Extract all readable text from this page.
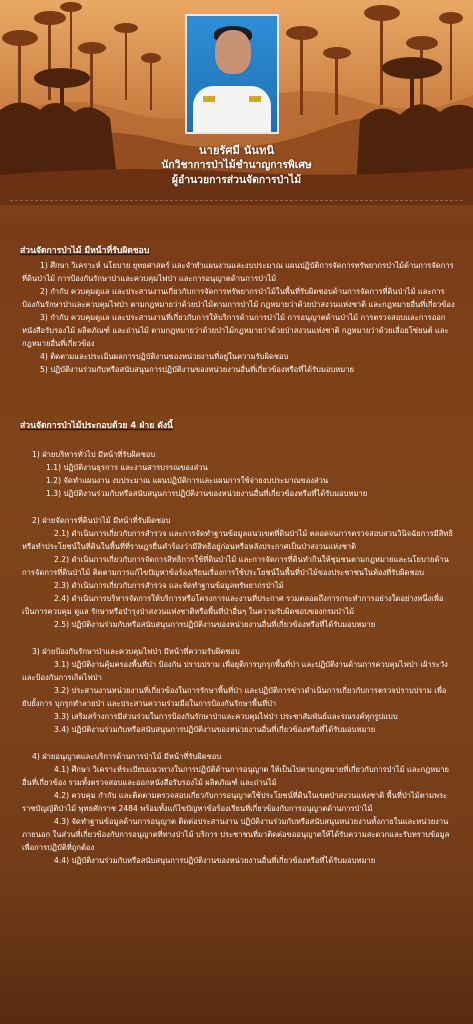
นายรัศมี นันทนิ
นักวิชาการป่าไม้ชำนาญการพิเศษ
ผู้อำนวยการส่วนจัดการป่าไม้
ส่วนจัดการป่าไม้ มีหน้าที่รับผิดชอบ

1) ศึกษา วิเคราะห์ นโยบาย ยุทธศาสตร์ และจำทำแผนงานและงบประมาณ แผนปฏิบัติการจัดการทรัพยากรป่าไม้ด้านการจัดการที่ดินป่าไม้ การป้องกันรักษาป่าและควบคุมไฟป่า และการอนุญาตด้านการป่าไม้

2) กำกับ ควบคุมดูแล และประสานงานเกี่ยวกับการจัดการทรัพยากรป่าไม้ในพื้นที่รับผิดชอบด้านการจัดการที่ดินป่าไม้ และการป้องกันรักษาป่าและควบคุมไฟป่า ตามกฎหมายว่าด้วยป่าไม้ตามการป่าไม้ กฎหมายว่าด้วยป่าสงวนแห่งชาติ และกฎหมายอื่นที่เกี่ยวข้อง

3) กำกับ ควบคุมดูแล และประสานงานที่เกี่ยวกับการให้บริการด้านการป่าไม้ การอนุญาตด้านป่าไม้ การตรวจสอบและการออกหนังสือรับรองไม้ ผลิตภัณฑ์ และถ่านไม้ ตามกฎหมายว่าด้วยป่าไม้กฎหมายว่าด้วยป่าสงวนแห่งชาติ กฎหมายว่าด้วยเลื่อยโซ่ยนต์ และกฎหมายอื่นที่เกี่ยวข้อง

4) ติดตามและประเมินผลการปฏิบัติงานของหน่วยงานที่อยู่ในความรับผิดชอบ

5) ปฏิบัติงานร่วมกับหรือสนับสนุนการปฏิบัติงานของหน่วยงานอื่นที่เกี่ยวข้องหรือที่ได้รับมอบหมาย

ส่วนจัดการป่าไม้ประกอบด้วย 4 ฝ่าย ดังนี้

1) ฝ่ายบริหารทั่วไป มีหน้าที่รับผิดชอบ

1.1) ปฏิบัติงานธุรการ และงานสารบรรณของส่วน

1.2) จัดทำแผนงาน งบประมาณ แผนปฏิบัติการและแผนการใช้จ่ายงบประมาณของส่วน

1.3) ปฏิบัติงานร่วมกับหรือสนับสนุนการปฏิบัติงานของหน่วยงานอื่นที่เกี่ยวข้องหรือที่ได้รับมอบหมาย

2) ฝ่ายจัดการที่ดินป่าไม้ มีหน้าที่รับผิดชอบ

2.1) ดำเนินการเกี่ยวกับการสำรวจ และการจัดทำฐานข้อมูลแนวเขตที่ดินป่าไม้ ตลอดจนการตรวจสอบสวนวินิจฉัยการมีสิทธิหรือทำประโยชน์ในที่ดินในพื้นที่ที่ราษฎรยื่นคำร้องว่ามีสิทธิอยู่ก่อนหรือหลังประกาศเป็นป่าสงวนแห่งชาติ

2.2) ดำเนินการเกี่ยวกับการจัดการสิทธิการใช้ที่ดินป่าไม้ และการจัดการที่ดินทำกินให้ชุมชนตามกฎหมายและนโยบายด้านการจัดการที่ดินป่าไม้ ติดตามการแก้ไขปัญหาข้อร้องเรียนเรื่องการใช้ประโยชน์ในพื้นที่ป่าไม้ของประชาชนในท้องที่รับผิดชอบ

2.3) ดำเนินการเกี่ยวกับการสำรวจ และจัดทำฐานข้อมูลทรัพยากรป่าไม้

2.4) ดำเนินการบริหารจัดการให้บริการหรือโครงการและงานที่ประกาศ รวมตลอดถึงการกระทำการอย่างใดอย่างหนึ่งเพื่อเป็นการควบคุม ดูแล รักษาหรือบำรุงป่าสงวนแห่งชาติหรือพื้นที่ป่าอื่นๆ ในความรับผิดชอบของกรมป่าไม้

2.5) ปฏิบัติงานร่วมกับหรือสนับสนุนการปฏิบัติงานของหน่วยงานอื่นที่เกี่ยวข้องหรือที่ได้รับมอบหมาย

3) ฝ่ายป้องกันรักษาป่าและควบคุมไฟป่า มีหน้าที่ความรับผิดชอบ

3.1) ปฏิบัติงานคุ้มครองพื้นที่ป่า ป้องกัน ปราบปราม เพื่อยุติการบุกรุกพื้นที่ป่า และปฏิบัติงานด้านการควบคุมไฟป่า เฝ้าระวังและป้องกันการเกิดไฟป่า

3.2) ประสานงานหน่วยงานที่เกี่ยวข้องในการรักษาพื้นที่ป่า และปฏิบัติการข่าวดำเนินการเกี่ยวกับการตรวจปราบปราม เพื่อยับยั้งการ บุกรุกทำลายป่า และประสานความร่วมมือในการป้องกันรักษาพื้นที่ป่า

3.3) เสริมสร้างการมีส่วนร่วมในการป้องกันรักษาป่าและควบคุมไฟป่า ประชาสัมพันธ์และรณรงค์ทุกรูปแบบ

3.4) ปฏิบัติงานร่วมกับหรือสนับสนุนการปฏิบัติงานของหน่วยงานอื่นที่เกี่ยวข้องหรือที่ได้รับมอบหมาย

4) ฝ่ายอนุญาตและบริการด้านการป่าไม้ มีหน้าที่รับผิดชอบ

4.1) ศึกษา วิเคราะห์ระเบียบแนวทางในการปฏิบัติด้านการอนุญาต ให้เป็นไปตามกฎหมายที่เกี่ยวกับการป่าไม้ และกฎหมายอื่นที่เกี่ยวข้อง รวมทั้งตรวจสอบและออกหนังสือรับรองไม้ ผลิตภัณฑ์ และถ่านไม้

4.2) ควบคุม กำกับ และติดตามตรวจสอบเกี่ยวกับการอนุญาตใช้ประโยชน์ที่ดินในเขตป่าสงวนแห่งชาติ พื้นที่ป่าไม้ตามพระราชบัญญัติป่าไม้ พุทธศักราช 2484 พร้อมทั้งแก้ไขปัญหาข้อร้องเรียนที่เกี่ยวข้องกับการอนุญาตด้านการป่าไม้

4.3) จัดทำฐานข้อมูลด้านการอนุญาต ติดต่อประสานงาน ปฏิบัติงานร่วมกับหรือสนับสนุนหน่วยงานทั้งภายในและหน่วยงานภายนอก ในส่วนที่เกี่ยวข้องกับการอนุญาตที่ทางป่าไม้ บริการ ประชาชนที่มาติดต่อขออนุญาตให้ได้รับความสะดวกและรับทราบข้อมูลเพื่อการปฏิบัติที่ถูกต้อง

4.4) ปฏิบัติงานร่วมกับหรือสนับสนุนการปฏิบัติงานของหน่วยงานอื่นที่เกี่ยวข้องหรือที่ได้รับมอบหมาย
